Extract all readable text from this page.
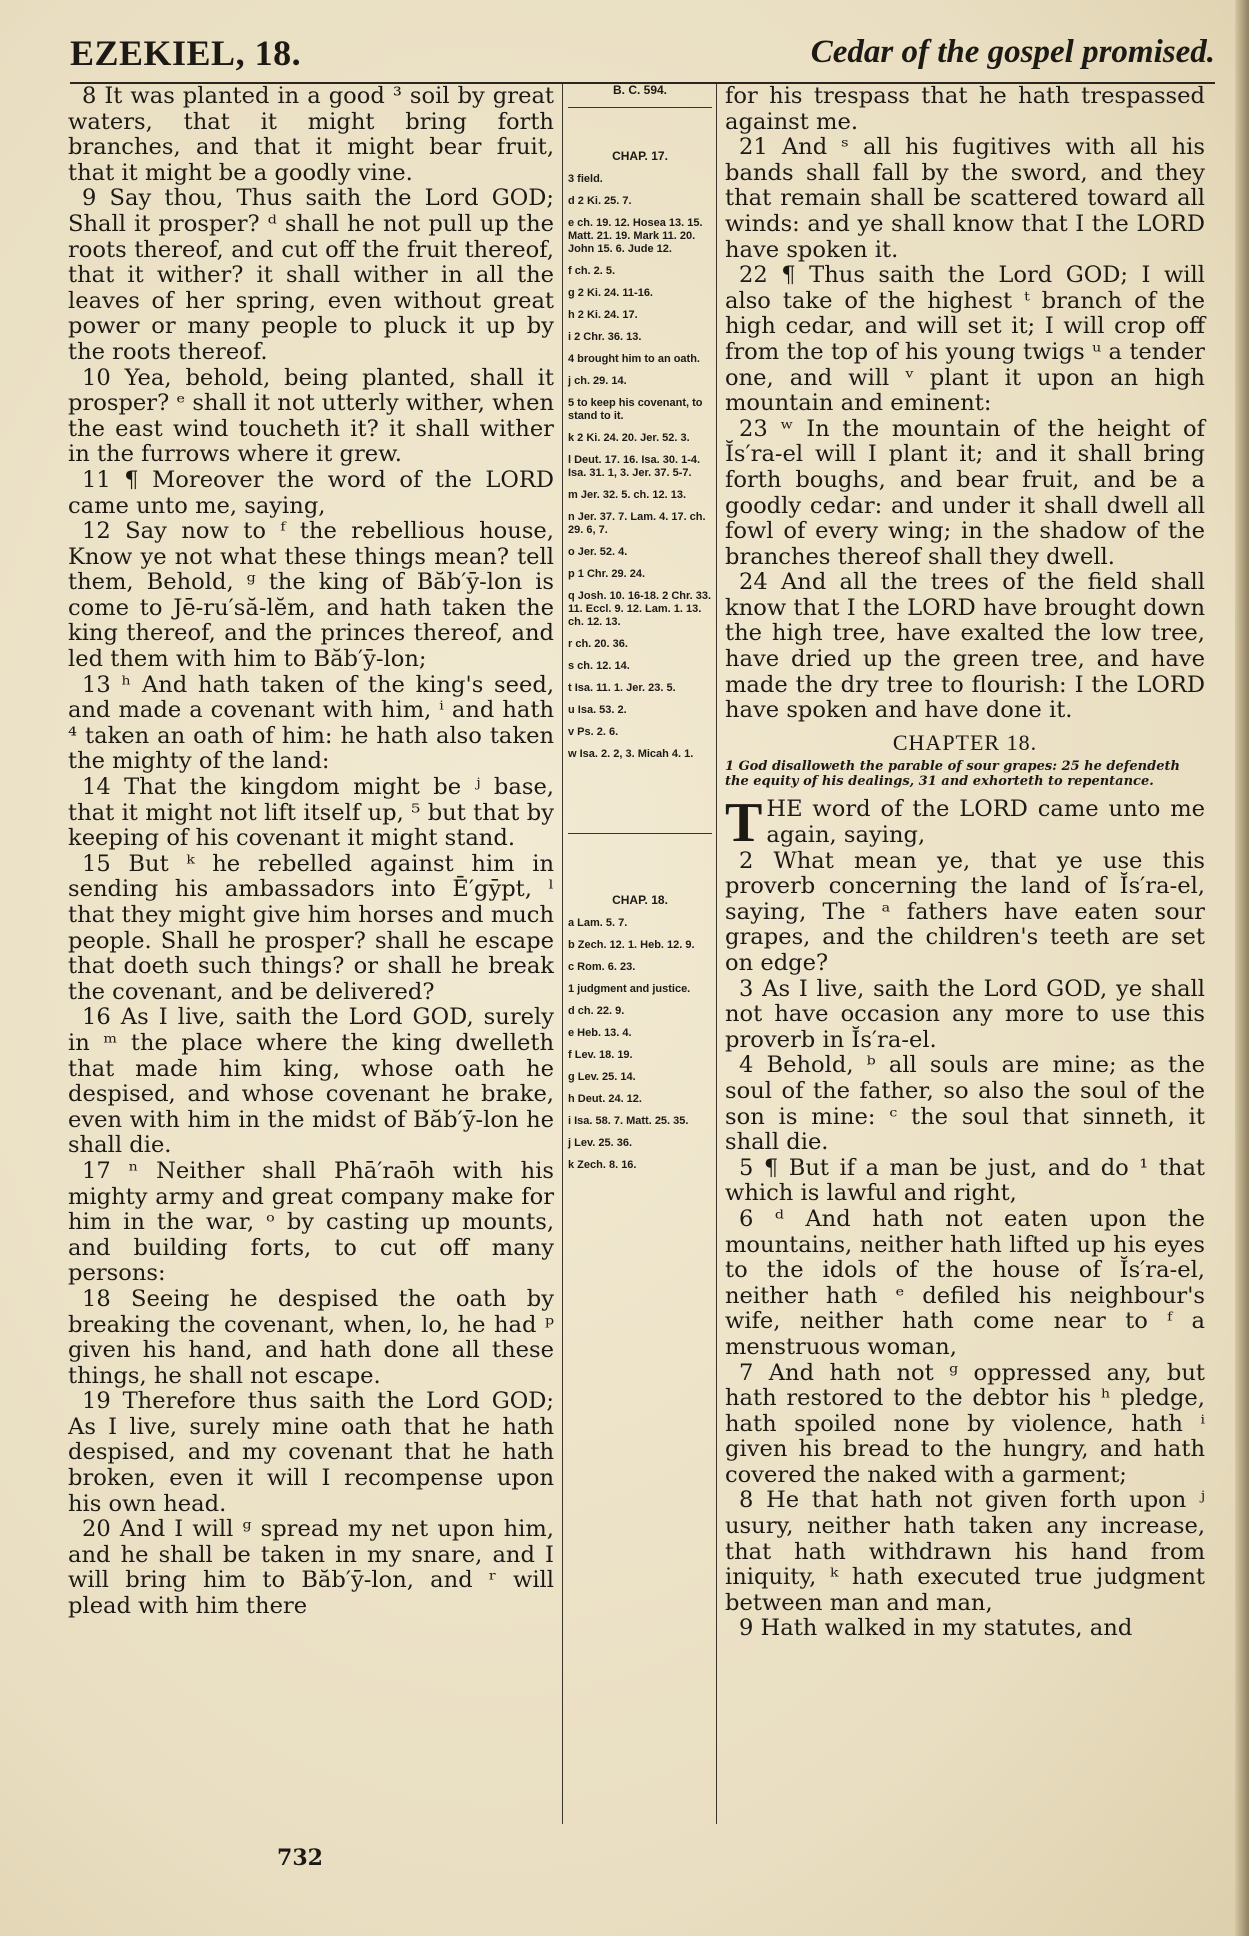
EZEKIEL, 18.	Cedar of the gospel promised.

8 It was planted in a good ³ soil by great waters, that it might bring forth branches, and that it might bear fruit, that it might be a goodly vine.

9 Say thou, Thus saith the Lord GOD; Shall it prosper? ᵈ shall he not pull up the roots thereof, and cut off the fruit thereof, that it wither? it shall wither in all the leaves of her spring, even without great power or many people to pluck it up by the roots thereof.

10 Yea, behold, being planted, shall it prosper? ᵉ shall it not utterly wither, when the east wind toucheth it? it shall wither in the furrows where it grew.

11 ¶ Moreover the word of the LORD came unto me, saying,

12 Say now to ᶠ the rebellious house, Know ye not what these things mean? tell them, Behold, ᵍ the king of Băb′ȳ-lon is come to Jē-ru′să-lĕm, and hath taken the king thereof, and the princes thereof, and led them with him to Băb′ȳ-lon;

13 ʰ And hath taken of the king's seed, and made a covenant with him, ⁱ and hath ⁴ taken an oath of him: he hath also taken the mighty of the land:

14 That the kingdom might be ʲ base, that it might not lift itself up, ⁵ but that by keeping of his covenant it might stand.

15 But ᵏ he rebelled against him in sending his ambassadors into Ē′gȳpt, ˡ that they might give him horses and much people. Shall he prosper? shall he escape that doeth such things? or shall he break the covenant, and be delivered?

16 As I live, saith the Lord GOD, surely in ᵐ the place where the king dwelleth that made him king, whose oath he despised, and whose covenant he brake, even with him in the midst of Băb′ȳ-lon he shall die.

17 ⁿ Neither shall Phā′raōh with his mighty army and great company make for him in the war, ᵒ by casting up mounts, and building forts, to cut off many persons:

18 Seeing he despised the oath by breaking the covenant, when, lo, he had ᵖ given his hand, and hath done all these things, he shall not escape.

19 Therefore thus saith the Lord GOD; As I live, surely mine oath that he hath despised, and my covenant that he hath broken, even it will I recompense upon his own head.

20 And I will ᵍ spread my net upon him, and he shall be taken in my snare, and I will bring him to Băb′ȳ-lon, and ʳ will plead with him there

B. C. 594.
CHAP. 17.

3 field.

d 2 Ki. 25. 7.

e ch. 19. 12. Hosea 13. 15. Matt. 21. 19. Mark 11. 20. John 15. 6. Jude 12.

f ch. 2. 5.

g 2 Ki. 24. 11-16.

h 2 Ki. 24. 17.

i 2 Chr. 36. 13.

4 brought him to an oath.

j ch. 29. 14.

5 to keep his covenant, to stand to it.

k 2 Ki. 24. 20. Jer. 52. 3.

l Deut. 17. 16. Isa. 30. 1-4. Isa. 31. 1, 3. Jer. 37. 5-7.

m Jer. 32. 5. ch. 12. 13.

n Jer. 37. 7. Lam. 4. 17. ch. 29. 6, 7.

o Jer. 52. 4.

p 1 Chr. 29. 24.

q Josh. 10. 16-18. 2 Chr. 33. 11. Eccl. 9. 12. Lam. 1. 13. ch. 12. 13.

r ch. 20. 36.

s ch. 12. 14.

t Isa. 11. 1. Jer. 23. 5.

u Isa. 53. 2.

v Ps. 2. 6.

w Isa. 2. 2, 3. Micah 4. 1.

CHAP. 18.

a Lam. 5. 7.

b Zech. 12. 1. Heb. 12. 9.

c Rom. 6. 23.

1 judgment and justice.

d ch. 22. 9.

e Heb. 13. 4.

f Lev. 18. 19.

g Lev. 25. 14.

h Deut. 24. 12.

i Isa. 58. 7. Matt. 25. 35.

j Lev. 25. 36.

k Zech. 8. 16.

for his trespass that he hath trespassed against me.

21 And ˢ all his fugitives with all his bands shall fall by the sword, and they that remain shall be scattered toward all winds: and ye shall know that I the LORD have spoken it.

22 ¶ Thus saith the Lord GOD; I will also take of the highest ᵗ branch of the high cedar, and will set it; I will crop off from the top of his young twigs ᵘ a tender one, and will ᵛ plant it upon an high mountain and eminent:

23 ʷ In the mountain of the height of Ĭs′ra-el will I plant it; and it shall bring forth boughs, and bear fruit, and be a goodly cedar: and under it shall dwell all fowl of every wing; in the shadow of the branches thereof shall they dwell.

24 And all the trees of the field shall know that I the LORD have brought down the high tree, have exalted the low tree, have dried up the green tree, and have made the dry tree to flourish: I the LORD have spoken and have done it.

CHAPTER 18.

1 God disalloweth the parable of sour grapes: 25 he defendeth the equity of his dealings, 31 and exhorteth to repentance.

THE word of the LORD came unto me again, saying,

2 What mean ye, that ye use this proverb concerning the land of Ĭs′ra-el, saying, The ᵃ fathers have eaten sour grapes, and the children's teeth are set on edge?

3 As I live, saith the Lord GOD, ye shall not have occasion any more to use this proverb in Ĭs′ra-el.

4 Behold, ᵇ all souls are mine; as the soul of the father, so also the soul of the son is mine: ᶜ the soul that sinneth, it shall die.

5 ¶ But if a man be just, and do ¹ that which is lawful and right,

6 ᵈ And hath not eaten upon the mountains, neither hath lifted up his eyes to the idols of the house of Ĭs′ra-el, neither hath ᵉ defiled his neighbour's wife, neither hath come near to ᶠ a menstruous woman,

7 And hath not ᵍ oppressed any, but hath restored to the debtor his ʰ pledge, hath spoiled none by violence, hath ⁱ given his bread to the hungry, and hath covered the naked with a garment;

8 He that hath not given forth upon ʲ usury, neither hath taken any increase, that hath withdrawn his hand from iniquity, ᵏ hath executed true judgment between man and man,

9 Hath walked in my statutes, and

732
